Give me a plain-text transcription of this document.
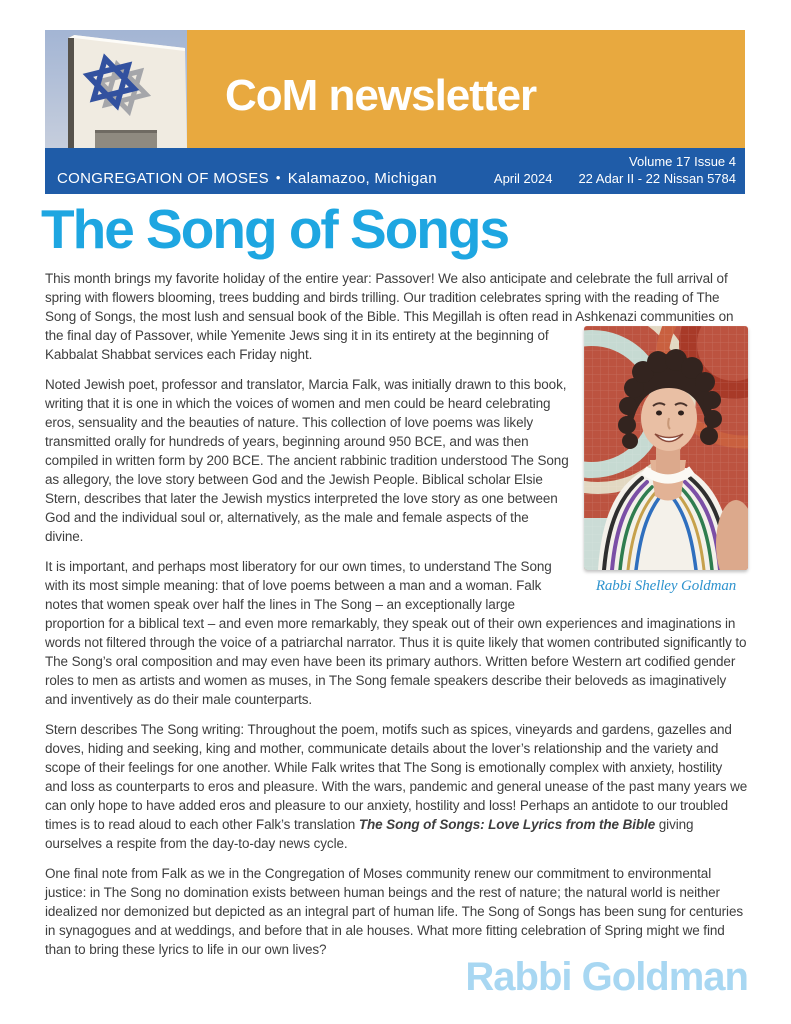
CoM newsletter
CONGREGATION OF MOSES • Kalamazoo, Michigan
Volume 17 Issue 4
April 2024 22 Adar II - 22 Nissan 5784
The Song of Songs
Rabbi Shelley Goldman

This month brings my favorite holiday of the entire year: Passover! We also anticipate and celebrate the full arrival of spring with flowers blooming, trees budding and birds trilling. Our tradition celebrates spring with the reading of The Song of Songs, the most lush and sensual book of the Bible. This Megillah is often read in Ashkenazi communities on the final day of Passover, while Yemenite Jews sing it in its entirety at the beginning of Kabbalat Shabbat services each Friday night.

Noted Jewish poet, professor and translator, Marcia Falk, was initially drawn to this book, writing that it is one in which the voices of women and men could be heard celebrating eros, sensuality and the beauties of nature. This collection of love poems was likely transmitted orally for hundreds of years, beginning around 950 BCE, and was then compiled in written form by 200 BCE. The ancient rabbinic tradition understood The Song as allegory, the love story between God and the Jewish People. Biblical scholar Elsie Stern, describes that later the Jewish mystics interpreted the love story as one between God and the individual soul or, alternatively, as the male and female aspects of the divine.

It is important, and perhaps most liberatory for our own times, to understand The Song with its most simple meaning: that of love poems between a man and a woman. Falk notes that women speak over half the lines in The Song – an exceptionally large proportion for a biblical text – and even more remarkably, they speak out of their own experiences and imaginations in words not filtered through the voice of a patriarchal narrator. Thus it is quite likely that women contributed significantly to The Song’s oral composition and may even have been its primary authors. Written before Western art codified gender roles to men as artists and women as muses, in The Song female speakers describe their beloveds as imaginatively and inventively as do their male counterparts.

Stern describes The Song writing: Throughout the poem, motifs such as spices, vineyards and gardens, gazelles and doves, hiding and seeking, king and mother, communicate details about the lover’s relationship and the variety and scope of their feelings for one another. While Falk writes that The Song is emotionally complex with anxiety, hostility and loss as counterparts to eros and pleasure. With the wars, pandemic and general unease of the past many years we can only hope to have added eros and pleasure to our anxiety, hostility and loss! Perhaps an antidote to our troubled times is to read aloud to each other Falk’s translation The Song of Songs: Love Lyrics from the Bible giving ourselves a respite from the day-to-day news cycle.

One final note from Falk as we in the Congregation of Moses community renew our commitment to environmental justice: in The Song no domination exists between human beings and the rest of nature; the natural world is neither idealized nor demonized but depicted as an integral part of human life. The Song of Songs has been sung for centuries in synagogues and at weddings, and before that in ale houses. What more fitting celebration of Spring might we find than to bring these lyrics to life in our own lives?

Rabbi Goldman
